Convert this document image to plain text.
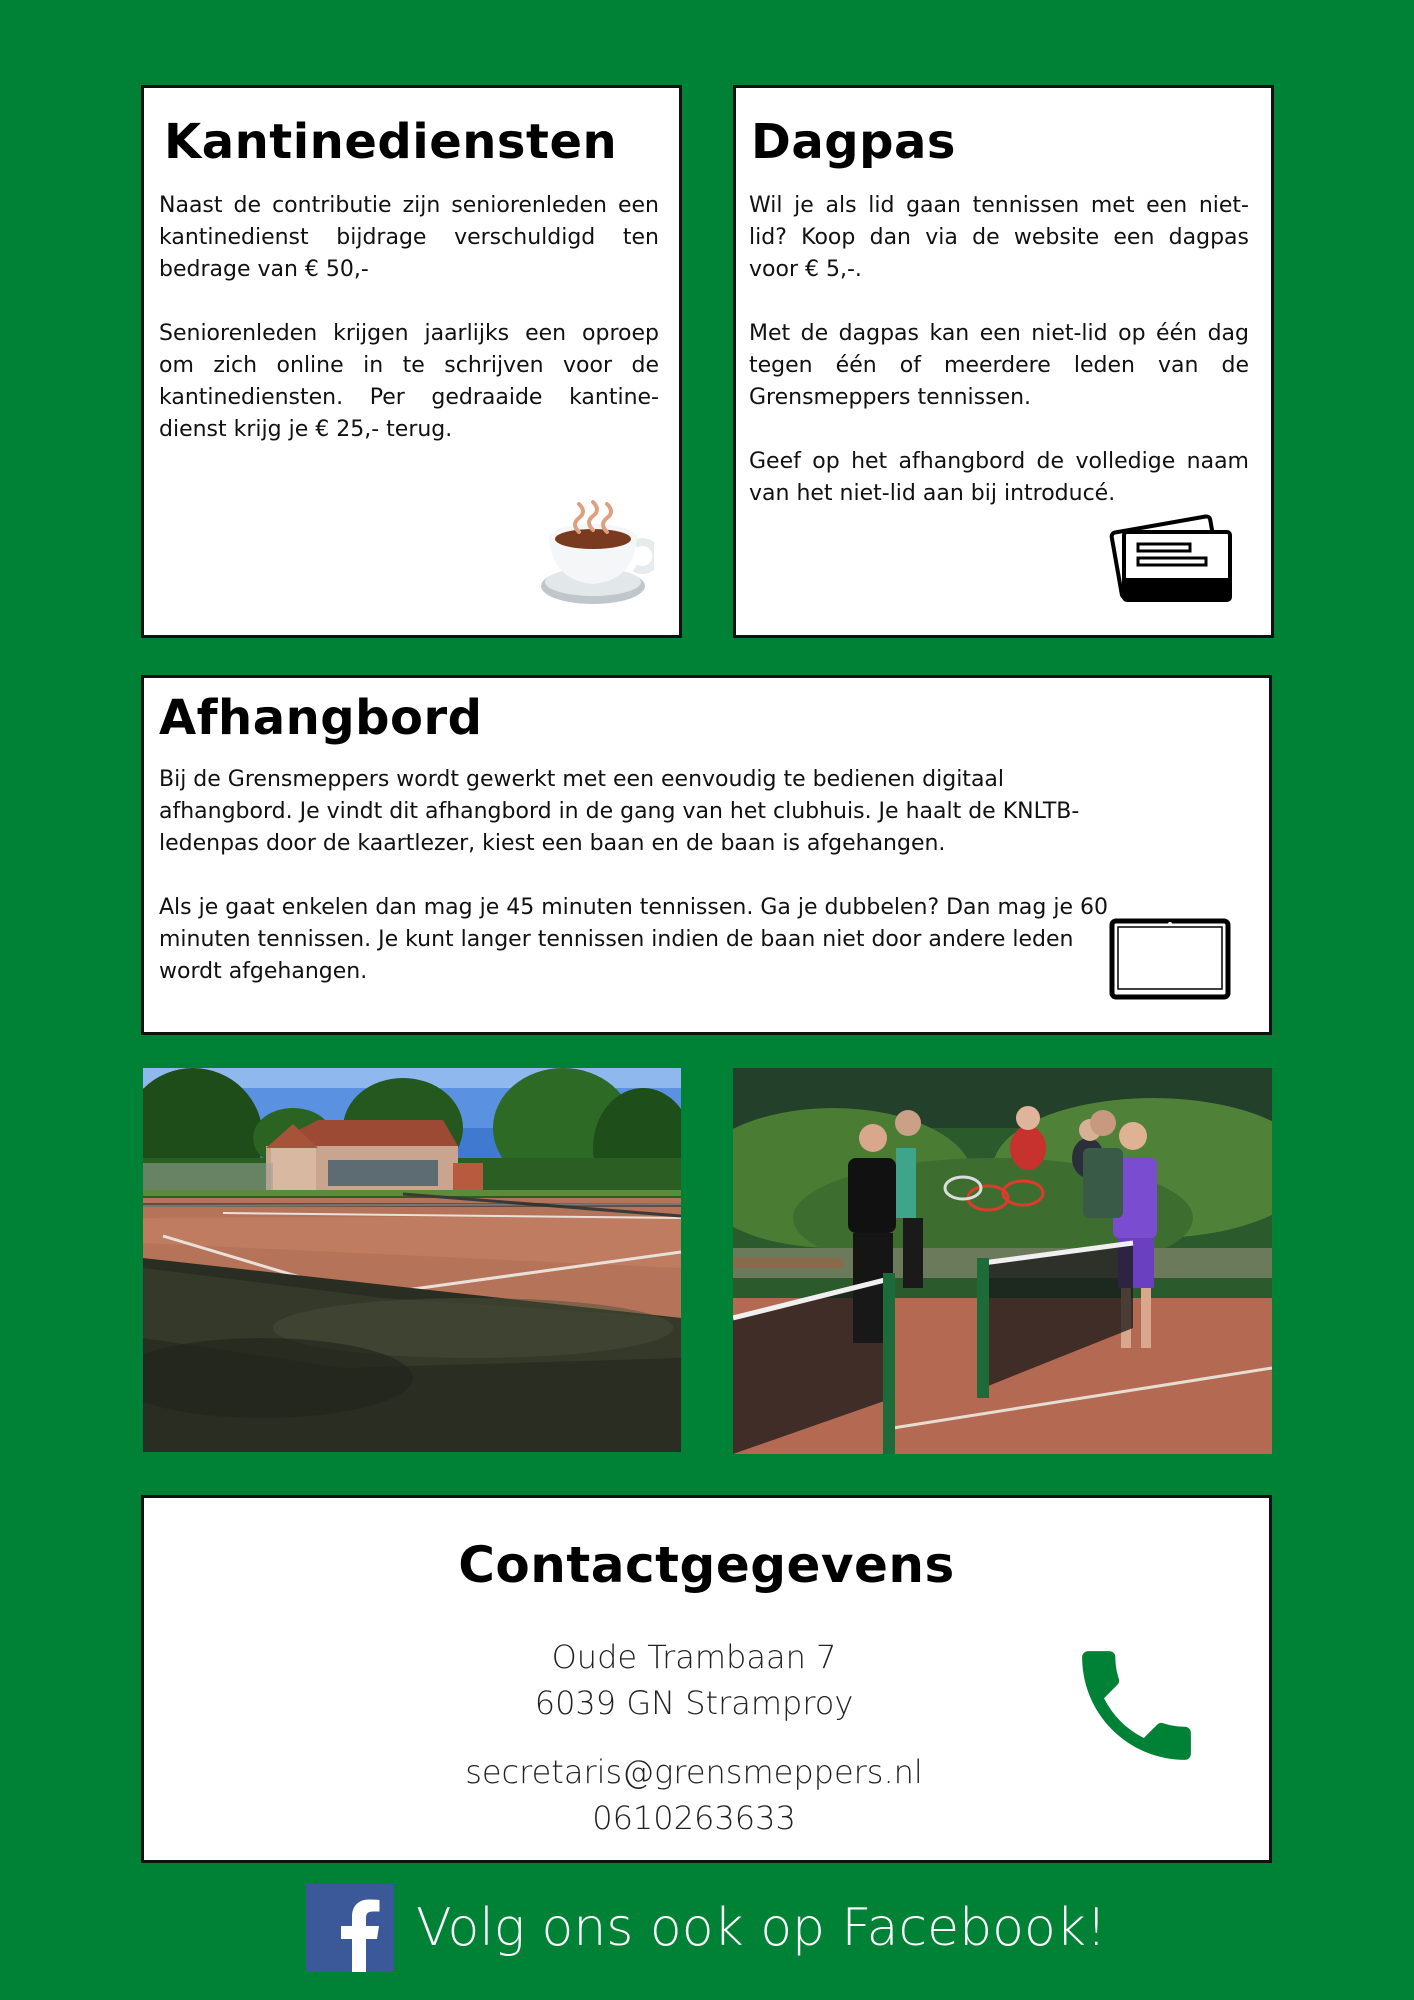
Kantinediensten

Naast de contributie zijn seniorenleden een kantinedienst bijdrage verschuldigd ten bedrage van € 50,-

Seniorenleden krijgen jaarlijks een oproep om zich online in te schrijven voor de kantinediensten. Per gedraaide kantine-dienst krijg je € 25,- terug.

Dagpas

Wil je als lid gaan tennissen met een niet-lid? Koop dan via de website een dagpas voor € 5,-.

Met de dagpas kan een niet-lid op één dag tegen één of meerdere leden van de Grensmeppers tennissen.

Geef op het afhangbord de volledige naam van het niet-lid aan bij introducé.

Afhangbord

Bij de Grensmeppers wordt gewerkt met een eenvoudig te bedienen digitaal afhangbord. Je vindt dit afhangbord in de gang van het clubhuis. Je haalt de KNLTB-ledenpas door de kaartlezer, kiest een baan en de baan is afgehangen.

Als je gaat enkelen dan mag je 45 minuten tennissen. Ga je dubbelen? Dan mag je 60 minuten tennissen. Je kunt langer tennissen indien de baan niet door andere leden wordt afgehangen.

Contactgegevens
Oude Trambaan 7
6039 GN Stramproy
secretaris@grensmeppers.nl
0610263633
Volg ons ook op Facebook!
